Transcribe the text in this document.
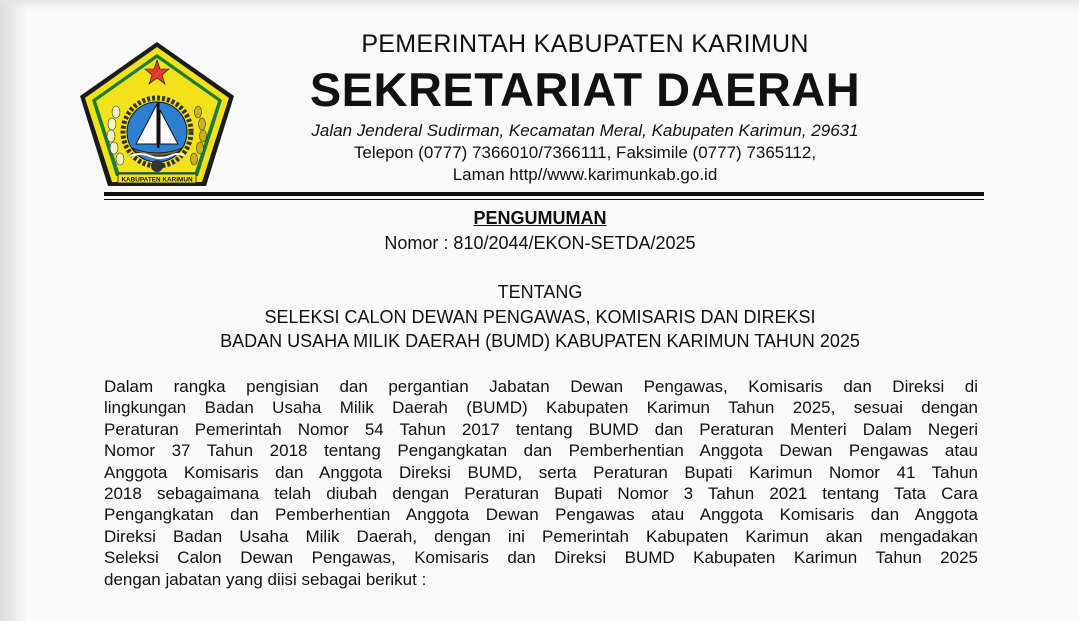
KABUPATEN KARIMUN
PEMERINTAH KABUPATEN KARIMUN
SEKRETARIAT DAERAH
Jalan Jenderal Sudirman, Kecamatan Meral, Kabupaten Karimun, 29631
Telepon (0777) 7366010/7366111, Faksimile (0777) 7365112,
Laman http//www.karimunkab.go.id
PENGUMUMAN
Nomor : 810/2044/EKON-SETDA/2025
TENTANG
SELEKSI CALON DEWAN PENGAWAS, KOMISARIS DAN DIREKSI
BADAN USAHA MILIK DAERAH (BUMD) KABUPATEN KARIMUN TAHUN 2025
Dalam rangka pengisian dan pergantian Jabatan Dewan Pengawas, Komisaris dan Direksi di
lingkungan Badan Usaha Milik Daerah (BUMD) Kabupaten Karimun Tahun 2025, sesuai dengan
Peraturan Pemerintah Nomor 54 Tahun 2017 tentang BUMD dan Peraturan Menteri Dalam Negeri
Nomor 37 Tahun 2018 tentang Pengangkatan dan Pemberhentian Anggota Dewan Pengawas atau
Anggota Komisaris dan Anggota Direksi BUMD, serta Peraturan Bupati Karimun Nomor 41 Tahun
2018 sebagaimana telah diubah dengan Peraturan Bupati Nomor 3 Tahun 2021 tentang Tata Cara
Pengangkatan dan Pemberhentian Anggota Dewan Pengawas atau Anggota Komisaris dan Anggota
Direksi Badan Usaha Milik Daerah, dengan ini Pemerintah Kabupaten Karimun akan mengadakan
Seleksi Calon Dewan Pengawas, Komisaris dan Direksi BUMD Kabupaten Karimun Tahun 2025
dengan jabatan yang diisi sebagai berikut :
